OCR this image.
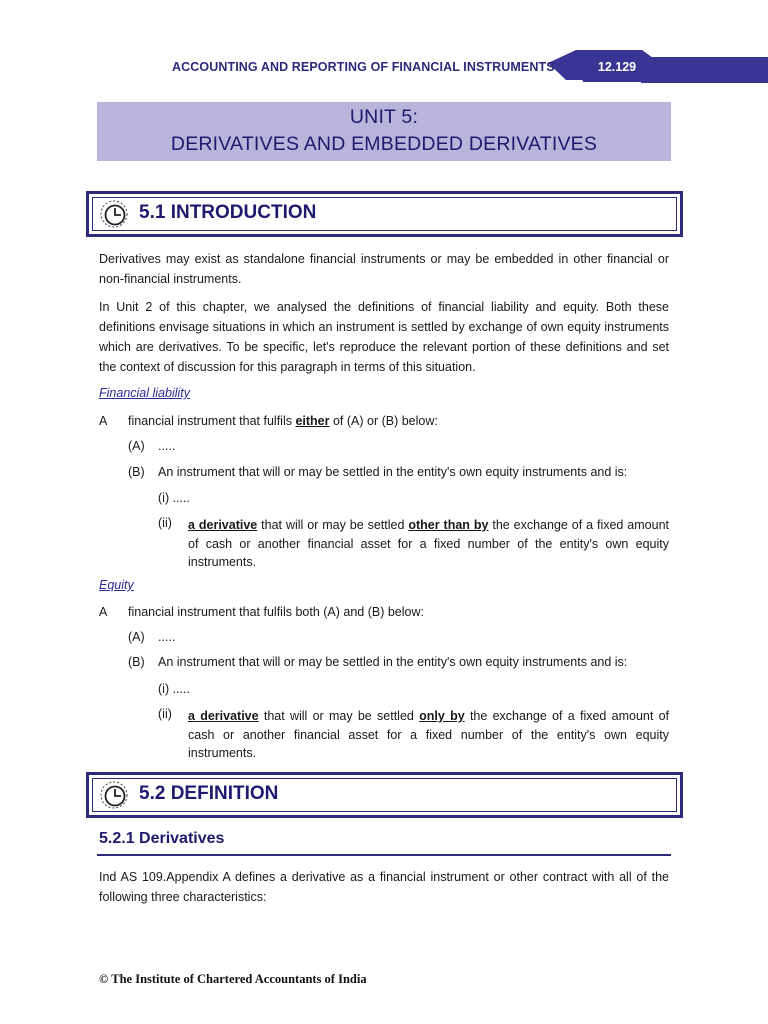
ACCOUNTING AND REPORTING OF FINANCIAL INSTRUMENTS	12.129
UNIT 5:
DERIVATIVES AND EMBEDDED DERIVATIVES
5.1 INTRODUCTION
Derivatives may exist as standalone financial instruments or may be embedded in other financial or non-financial instruments.
In Unit 2 of this chapter, we analysed the definitions of financial liability and equity. Both these definitions envisage situations in which an instrument is settled by exchange of own equity instruments which are derivatives. To be specific, let's reproduce the relevant portion of these definitions and set the context of discussion for this paragraph in terms of this situation.
Financial liability
A financial instrument that fulfils either of (A) or (B) below:
(A) .....
(B) An instrument that will or may be settled in the entity's own equity instruments and is:
(i) .....
(ii) a derivative that will or may be settled other than by the exchange of a fixed amount of cash or another financial asset for a fixed number of the entity's own equity instruments.
Equity
A financial instrument that fulfils both (A) and (B) below:
(A) .....
(B) An instrument that will or may be settled in the entity's own equity instruments and is:
(i) .....
(ii) a derivative that will or may be settled only by the exchange of a fixed amount of cash or another financial asset for a fixed number of the entity's own equity instruments.
5.2 DEFINITION
5.2.1 Derivatives
Ind AS 109.Appendix A defines a derivative as a financial instrument or other contract with all of the following three characteristics:
© The Institute of Chartered Accountants of India
